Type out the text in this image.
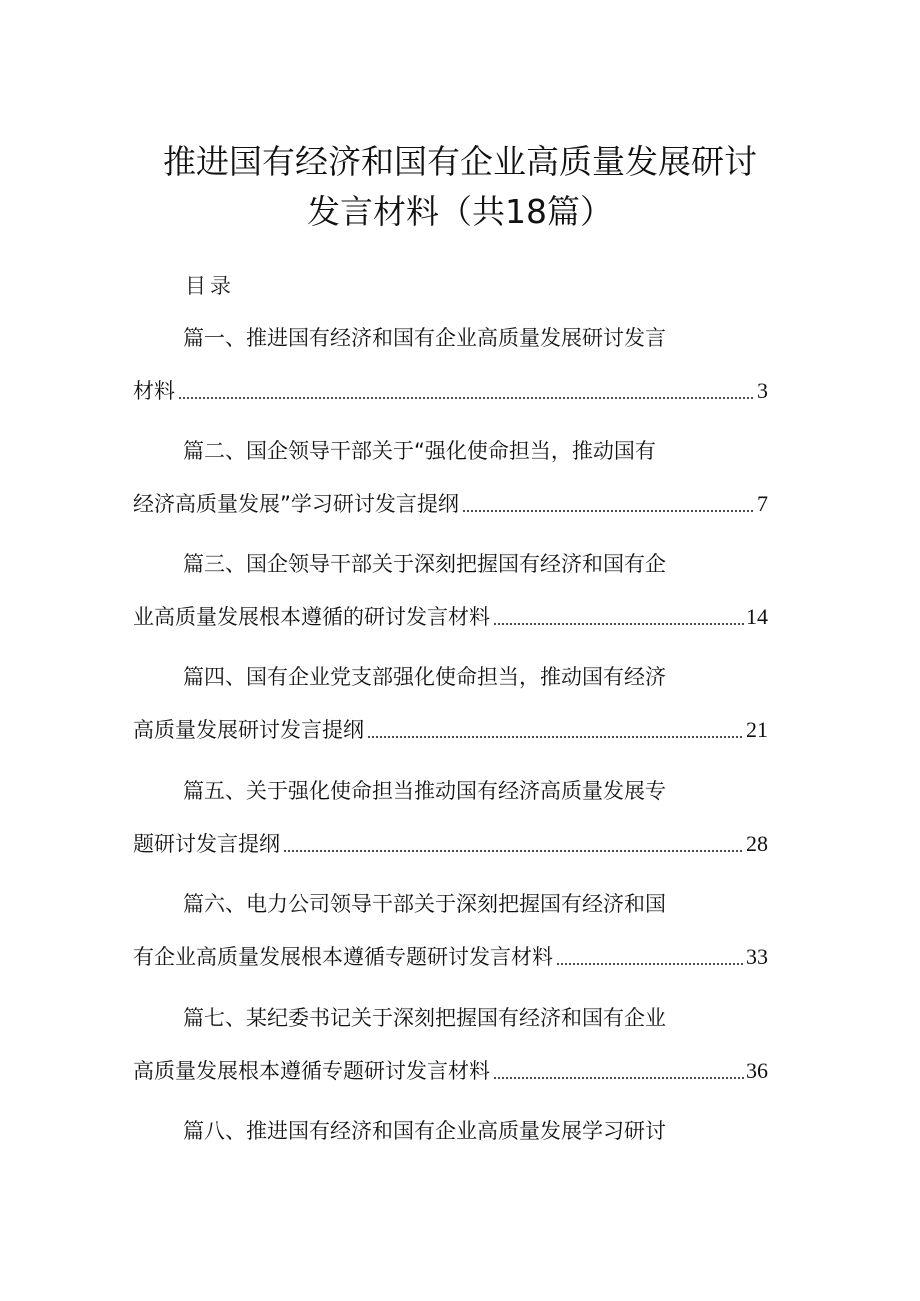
推进国有经济和国有企业高质量发展研讨
发言材料（共18篇）
目录
篇一、推进国有经济和国有企业高质量发展研讨发言
材料	3
篇二、国企领导干部关于“强化使命担当，推动国有
经济高质量发展”学习研讨发言提纲	7
篇三、国企领导干部关于深刻把握国有经济和国有企
业高质量发展根本遵循的研讨发言材料	14
篇四、国有企业党支部强化使命担当，推动国有经济
高质量发展研讨发言提纲	21
篇五、关于强化使命担当推动国有经济高质量发展专
题研讨发言提纲	28
篇六、电力公司领导干部关于深刻把握国有经济和国
有企业高质量发展根本遵循专题研讨发言材料	33
篇七、某纪委书记关于深刻把握国有经济和国有企业
高质量发展根本遵循专题研讨发言材料	36
篇八、推进国有经济和国有企业高质量发展学习研讨
